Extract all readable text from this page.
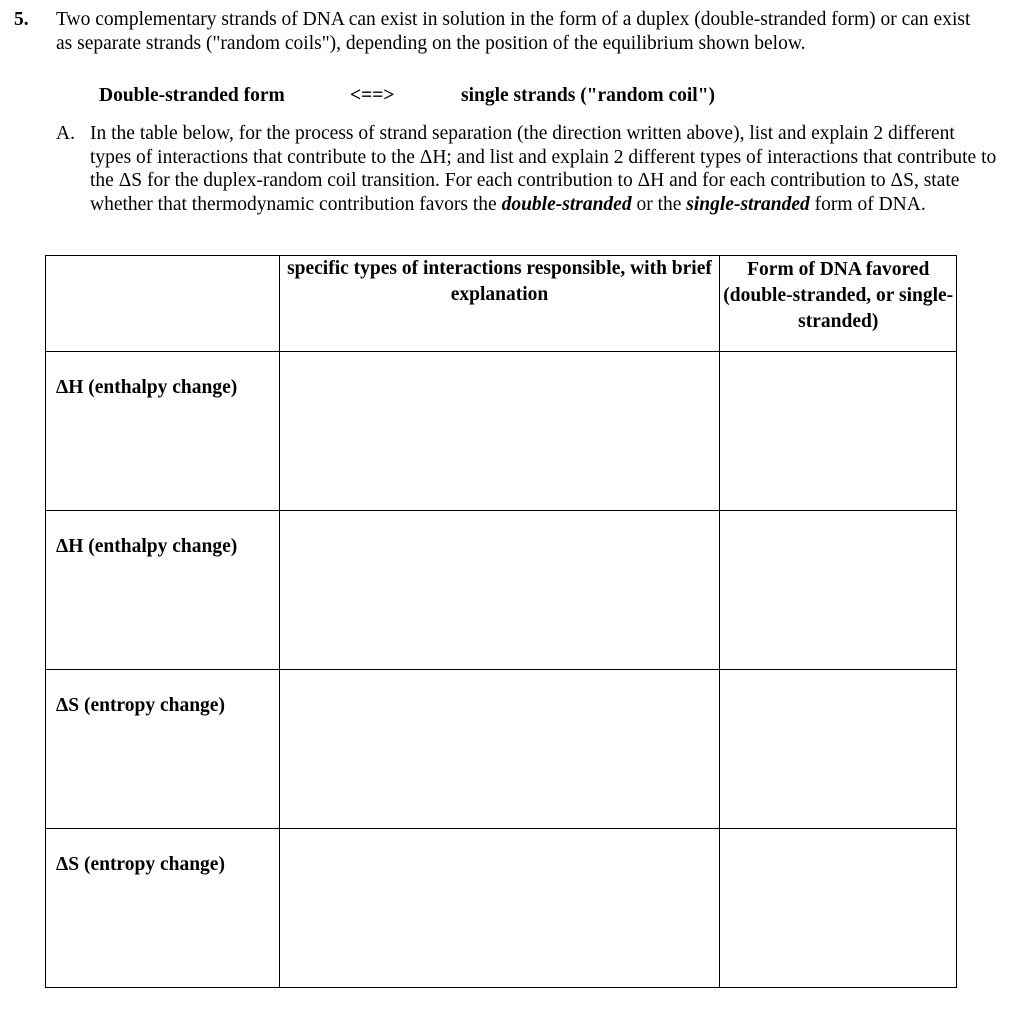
5. Two complementary strands of DNA can exist in solution in the form of a duplex (double-stranded form) or can exist as separate strands ("random coils"), depending on the position of the equilibrium shown below.
Double-stranded form	<==>	single strands ("random coil")
A. In the table below, for the process of strand separation (the direction written above), list and explain 2 different types of interactions that contribute to the ΔH; and list and explain 2 different types of interactions that contribute to the ΔS for the duplex-random coil transition. For each contribution to ΔH and for each contribution to ΔS, state whether that thermodynamic contribution favors the double-stranded or the single-stranded form of DNA.
	specific types of interactions responsible, with brief explanation	Form of DNA favored (double-stranded, or single-stranded)
ΔH (enthalpy change)		
ΔH (enthalpy change)		
ΔS (entropy change)		
ΔS (entropy change)		
